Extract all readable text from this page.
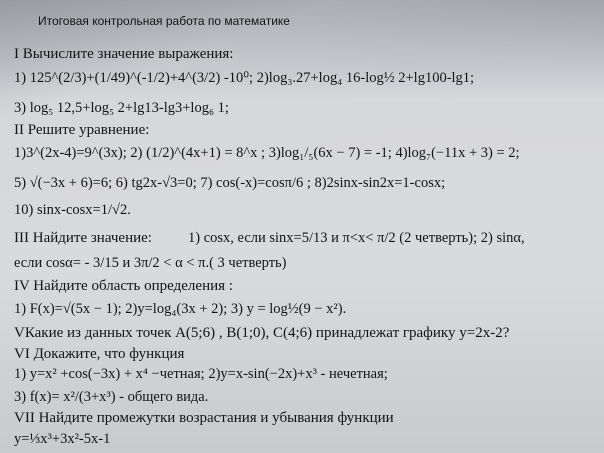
Итоговая контрольная работа по математике
I Вычислите значение выражения:
1) 125^(2/3)+(1/49)^(-1/2)+4^(3/2) -10⁰; 2)log₃.27+log₄ 16-log½ 2+lg100-lg1;
3) log₅ 12,5+log₅ 2+lg13-lg3+log₆ 1;
II Решите уравнение:
1)3^(2x-4)=9^(3x); 2) (1/2)^(4x+1) = 8^x ; 3)log₁/₅(6x − 7) = -1; 4)log₇(−11x + 3) = 2;
5) √(−3x + 6)=6; 6) tg2x-√3=0; 7) cos(-x)=cosπ/6 ; 8)2sinx-sin2x=1-cosx;
10) sinx-cosx=1/√2.
III Найдите значение: 1) cosx, если sinx=5/13 и π<x< π/2 (2 четверть); 2) sinα,
если cosα= - 3/15 и 3π/2 < α < π.( 3 четверть)
IV Найдите область определения :
1) F(x)=√(5x − 1); 2)y=log₄(3x + 2); 3) y = log½(9 − x²).
VКакие из данных точек A(5;6) , B(1;0), C(4;6) принадлежат графику y=2x-2?
VI Докажите, что функция
1) y=x² +cos(−3x) + x⁴ −четная; 2)y=x-sin(−2x)+x³ - нечетная;
3) f(x)= x²/(3+x³) - общего вида.
VII Найдите промежутки возрастания и убывания функции
y=⅓x³+3x²-5x-1
